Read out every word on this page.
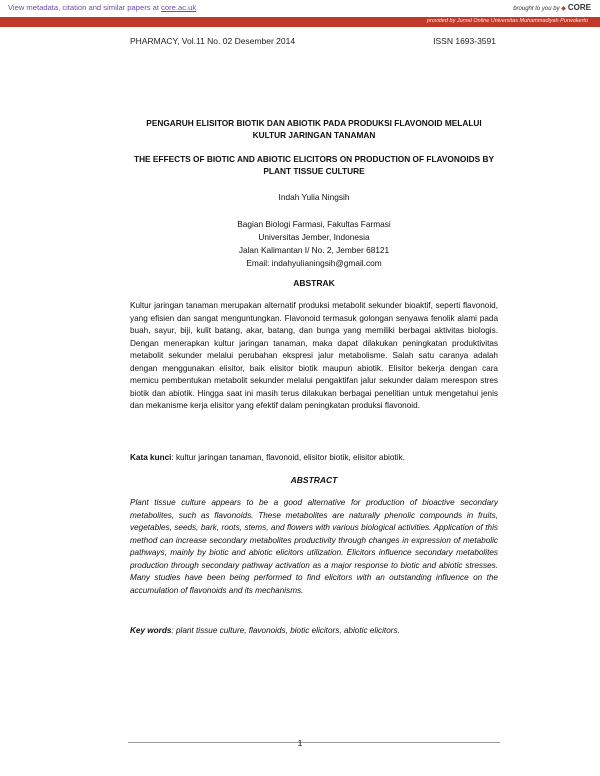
View metadata, citation and similar papers at core.ac.uk	brought to you by ◆ CORE
provided by Jurnal Online Universitas Muhammadiyah Purwokerto
PHARMACY, Vol.11 No. 02 Desember 2014	ISSN 1693-3591
PENGARUH ELISITOR BIOTIK DAN ABIOTIK PADA PRODUKSI FLAVONOID MELALUI KULTUR JARINGAN TANAMAN
THE EFFECTS OF BIOTIC AND ABIOTIC ELICITORS ON PRODUCTION OF FLAVONOIDS BY PLANT TISSUE CULTURE
Indah Yulia Ningsih
Bagian Biologi Farmasi, Fakultas Farmasi
Universitas Jember, Indonesia
Jalan Kalimantan I/ No. 2, Jember 68121
Email: indahyulianingsih@gmail.com
ABSTRAK
Kultur jaringan tanaman merupakan alternatif produksi metabolit sekunder bioaktif, seperti flavonoid, yang efisien dan sangat menguntungkan. Flavonoid termasuk golongan senyawa fenolik alami pada buah, sayur, biji, kulit batang, akar, batang, dan bunga yang memiliki berbagai aktivitas biologis. Dengan menerapkan kultur jaringan tanaman, maka dapat dilakukan peningkatan produktivitas metabolit sekunder melalui perubahan ekspresi jalur metabolisme. Salah satu caranya adalah dengan menggunakan elisitor, baik elisitor biotik maupun abiotik. Elisitor bekerja dengan cara memicu pembentukan metabolit sekunder melalui pengaktifan jalur sekunder dalam merespon stres biotik dan abiotik. Hingga saat ini masih terus dilakukan berbagai penelitian untuk mengetahui jenis dan mekanisme kerja elisitor yang efektif dalam peningkatan produksi flavonoid.
Kata kunci: kultur jaringan tanaman, flavonoid, elisitor biotik, elisitor abiotik.
ABSTRACT
Plant tissue culture appears to be a good alternative for production of bioactive secondary metabolites, such as flavonoids. These metabolites are naturally phenolic compounds in fruits, vegetables, seeds, bark, roots, stems, and flowers with various biological activities. Application of this method can increase secondary metabolites productivity through changes in expression of metabolic pathways, mainly by biotic and abiotic elicitors utilization. Elicitors influence secondary metabolites production through secondary pathway activation as a major response to biotic and abiotic stresses. Many studies have been being performed to find elicitors with an outstanding influence on the accumulation of flavonoids and its mechanisms.
Key words: plant tissue culture, flavonoids, biotic elicitors, abiotic elicitors.
1
